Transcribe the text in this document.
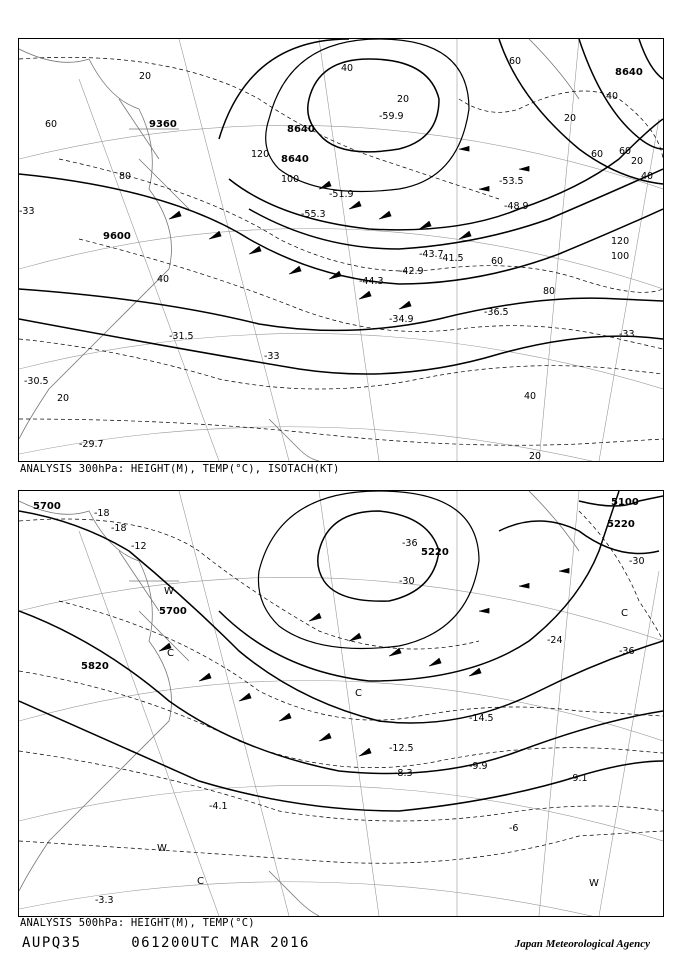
-59.9
-55.3
-53.5
-51.9
-48.9
-44.3
-43.7
-42.9
-41.5
-36.5
-34.9
-33
-33
-33
-31.5
-30.5
-29.7
20
40
20
60
120
100
80
40
20
60
40
20
60
120
100
80
60
40
20
60
40
20
9360	8640
8640
8640
9600
ANALYSIS 300hPa: HEIGHT(M), TEMP(°C), ISOTACH(KT)
-18
-18
-12	-36
-30
-24
-36
-30
-6
-8.3
-9.9
-9.1
-14.5
-12.5
-4.1
-3.3
5700
5700
5820
5220
5100
5220
W
C
C
W
C	W
C
ANALYSIS 500hPa: HEIGHT(M), TEMP(°C)
AUPQ35	061200UTC MAR 2016	Japan Meteorological Agency
